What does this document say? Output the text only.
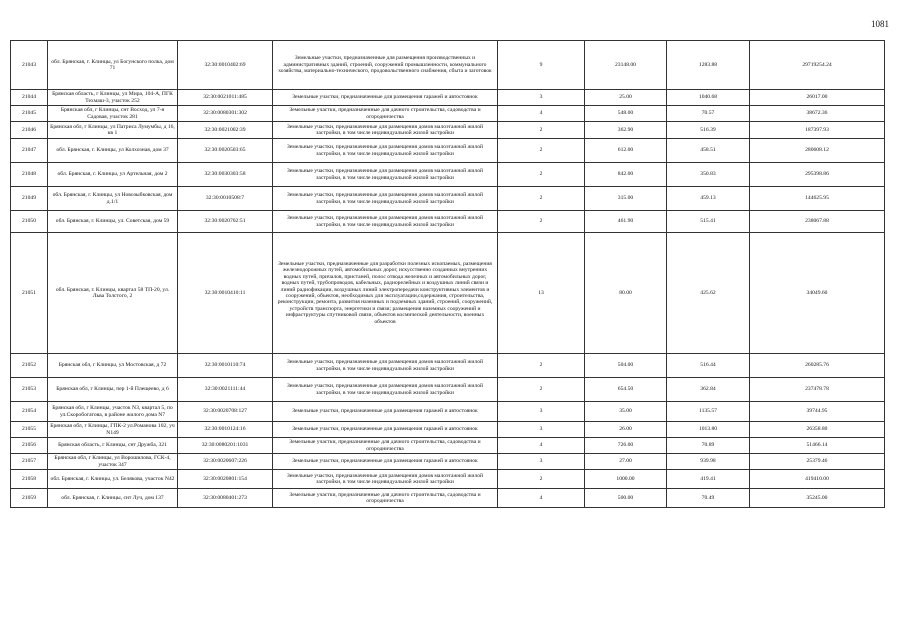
1081
21043	обл. Брянская, г. Клинцы, ул Богунского полка, дом 71	32:30:0010402:69	Земельные участки, предназначенные для размещения производственных и административных зданий, строений, сооружений промышленности, коммунального хозяйства, материально-технического, продовольственного снабжения, сбыта и заготовок	9	23148.00	1283.88	29719254.24
21044	Брянская область, г Клинцы, ул Мира, 104-А, ПГК Техмаш-3, участок 252	32:30:0021011:485	Земельные участки, предназначенные для размещения гаражей и автостоянок	3	25.00	1040.68	26017.00
21045	Брянская обл, г Клинцы, снт Восход, ул 7-я Садовая, участок 281	32:30:0080301:302	Земельные участки, предназначенные для дачного строительства, садоводства и огородничества	4	548.00	70.57	38672.36
21046	Брянская обл, г Клинцы, ул Патриса Лумумбы, д 16, кв 1	32:30:0021002:39	Земельные участки, предназначенные для размещения домов малоэтажной жилой застройки, в том числе индивидуальной жилой застройки	2	362.90	516.39	187397.93
21047	обл. Брянская, г. Клинцы, ул Колхозная, дом 37	32:30:0020503:65	Земельные участки, предназначенные для размещения домов малоэтажной жилой застройки, в том числе индивидуальной жилой застройки	2	612.00	458.51	280608.12
21048	обл. Брянская, г. Клинцы, ул Артельная, дом 2	32:30:0030303:58	Земельные участки, предназначенные для размещения домов малоэтажной жилой застройки, в том числе индивидуальной жилой застройки	2	842.00	350.83	295398.86
21049	обл. Брянская, г. Клинцы, ул Новозыбковская, дом д.1/1	32:30:0010508:7	Земельные участки, предназначенные для размещения домов малоэтажной жилой застройки, в том числе индивидуальной жилой застройки	2	315.00	459.13	144625.95
21050	обл. Брянская, г. Клинцы, ул. Советская, дом 59	32:30:0020702:51	Земельные участки, предназначенные для размещения домов малоэтажной жилой застройки, в том числе индивидуальной жилой застройки	2	461.90	515.41	238067.88
21051	обл. Брянская, г. Клинцы, квартал 58 ТП-20, ул. Льва Толстого, 2	32:30:0010410:11	Земельные участки, предназначенные для разработки полезных ископаемых, размещения железнодорожных путей, автомобильных дорог, искусственно созданных внутренних водных путей, причалов, пристаней, полос отвода железных и автомобильных дорог, водных путей, трубопроводов, кабельных, радиорелейных и воздушных линий связи и линий радиофикации, воздушных линий электропередачи конструктивных элементов и сооружений, объектов, необходимых для эксплуатации,содержания, строительства, реконструкции, ремонта, развития наземных и подземных зданий, строений, сооружений, устройств транспорта, энергетики и связи; размещения наземных сооружений и инфраструктуры спутниковой связи, объектов космической деятельности, военных объектов	13	80.00	425.62	34049.60
21052	Брянская обл, г Клинцы, ул Мостовская, д 72	32:30:0010110:74	Земельные участки, предназначенные для размещения домов малоэтажной жилой застройки, в том числе индивидуальной жилой застройки	2	504.00	516.44	260285.76
21053	Брянская обл, г Клинцы, пер 1-й Плещеево, д 6	32:30:0021111:44	Земельные участки, предназначенные для размещения домов малоэтажной жилой застройки, в том числе индивидуальной жилой застройки	2	654.50	362.84	237478.78
21054	Брянская обл, г Клинцы, участок N3, квартал 5, по ул.Скоробогатова, в районе жилого дома N7	32:30:0020708:127	Земельные участки, предназначенные для размещения гаражей и автостоянок	3	35.00	1135.57	39744.95
21055	Брянская обл, г Клинцы, ГПК-2 ул.Романова 102, уч N149	32:30:0010124:16	Земельные участки, предназначенные для размещения гаражей и автостоянок	3	26.00	1013.80	26358.80
21056	Брянская область, г Клинцы, снт Дружба, 321	32:30:0080201:1031	Земельные участки, предназначенные для дачного строительства, садоводства и огородничества	4	726.00	70.89	51466.14
21057	Брянская обл, г Клинцы, ул Ворошилова, ГСК-4, участок 347	32:30:0020607:226	Земельные участки, предназначенные для размещения гаражей и автостоянок	3	27.00	939.98	25379.46
21058	обл. Брянская, г. Клинцы, ул. Белякова, участок N42	32:30:0020801:154	Земельные участки, предназначенные для размещения домов малоэтажной жилой застройки, в том числе индивидуальной жилой застройки	2	1000.00	419.41	419410.00
21059	обл. Брянская, г. Клинцы, снт Луч, дом 137	32:30:0080401:273	Земельные участки, предназначенные для дачного строительства, садоводства и огородничества	4	500.00	70.49	35245.00
